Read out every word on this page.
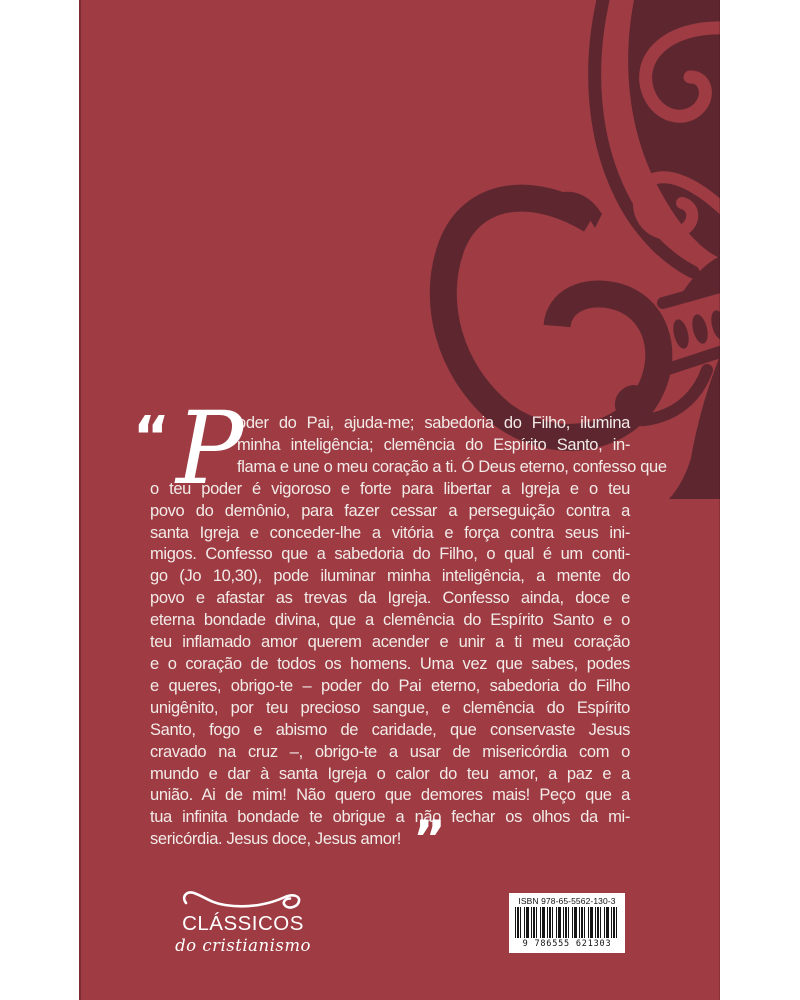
“ P
oder do Pai, ajuda-me; sabedoria do Filho, ilumina
minha inteligência; clemência do Espírito Santo, in-
flama e une o meu coração a ti. Ó Deus eterno, confesso que
o teu poder é vigoroso e forte para libertar a Igreja e o teu
povo do demônio, para fazer cessar a perseguição contra a
santa Igreja e conceder-lhe a vitória e força contra seus ini-
migos. Confesso que a sabedoria do Filho, o qual é um conti-
go (Jo 10,30), pode iluminar minha inteligência, a mente do
povo e afastar as trevas da Igreja. Confesso ainda, doce e
eterna bondade divina, que a clemência do Espírito Santo e o
teu inflamado amor querem acender e unir a ti meu coração
e o coração de todos os homens. Uma vez que sabes, podes
e queres, obrigo-te – poder do Pai eterno, sabedoria do Filho
unigênito, por teu precioso sangue, e clemência do Espírito
Santo, fogo e abismo de caridade, que conservaste Jesus
cravado na cruz –, obrigo-te a usar de misericórdia com o
mundo e dar à santa Igreja o calor do teu amor, a paz e a
união. Ai de mim! Não quero que demores mais! Peço que a
tua infinita bondade te obrigue a não fechar os olhos da mi-
sericórdia. Jesus doce, Jesus amor! ”
CLÁSSICOS
do cristianismo
ISBN 978-65-5562-130-3
9 786555 621303
